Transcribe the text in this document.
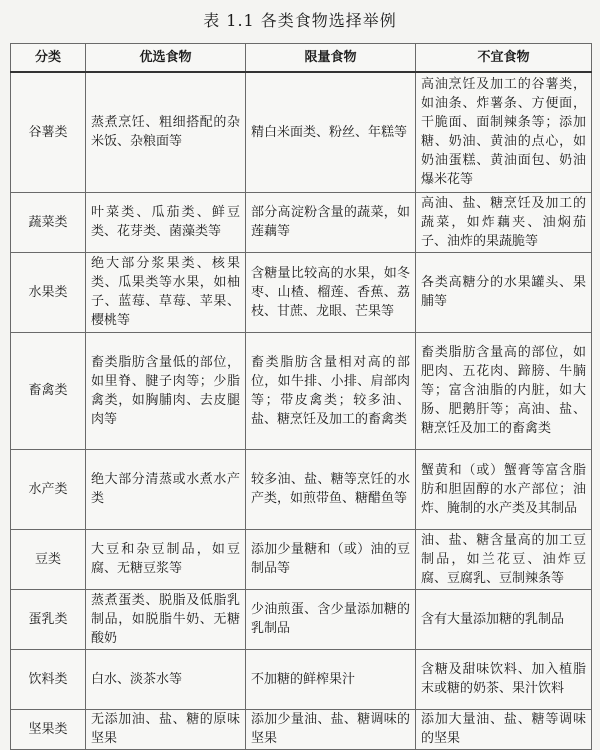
表 1.1 各类食物选择举例
分类	优选食物	限量食物	不宜食物
谷薯类	蒸煮烹饪、粗细搭配的杂米饭、杂粮面等	精白米面类、粉丝、年糕等	高油烹饪及加工的谷薯类，如油条、炸薯条、方便面，干脆面、面制辣条等；添加糖、奶油、黄油的点心，如奶油蛋糕、黄油面包、奶油爆米花等
蔬菜类	叶菜类、瓜茄类、鲜豆类、花芽类、菌藻类等	部分高淀粉含量的蔬菜，如莲藕等	高油、盐、糖烹饪及加工的蔬菜，如炸藕夹、油焖茄子、油炸的果蔬脆等
水果类	绝大部分浆果类、核果类、瓜果类等水果，如柚子、蓝莓、草莓、苹果、樱桃等	含糖量比较高的水果，如冬枣、山楂、榴莲、香蕉、荔枝、甘蔗、龙眼、芒果等	各类高糖分的水果罐头、果脯等
畜禽类	畜类脂肪含量低的部位，如里脊、腱子肉等；少脂禽类，如胸脯肉、去皮腿肉等	畜类脂肪含量相对高的部位，如牛排、小排、肩部肉等；带皮禽类；较多油、盐、糖烹饪及加工的畜禽类	畜类脂肪含量高的部位，如肥肉、五花肉、蹄膀、牛腩等；富含油脂的内脏，如大肠、肥鹅肝等；高油、盐、糖烹饪及加工的畜禽类
水产类	绝大部分清蒸或水煮水产类	较多油、盐、糖等烹饪的水产类，如煎带鱼、糖醋鱼等	蟹黄和（或）蟹膏等富含脂肪和胆固醇的水产部位；油炸、腌制的水产类及其制品
豆类	大豆和杂豆制品，如豆腐、无糖豆浆等	添加少量糖和（或）油的豆制品等	油、盐、糖含量高的加工豆制品，如兰花豆、油炸豆腐、豆腐乳、豆制辣条等
蛋乳类	蒸煮蛋类、脱脂及低脂乳制品，如脱脂牛奶、无糖酸奶	少油煎蛋、含少量添加糖的乳制品	含有大量添加糖的乳制品
饮料类	白水、淡茶水等	不加糖的鲜榨果汁	含糖及甜味饮料、加入植脂末或糖的奶茶、果汁饮料
坚果类	无添加油、盐、糖的原味坚果	添加少量油、盐、糖调味的坚果	添加大量油、盐、糖等调味的坚果
